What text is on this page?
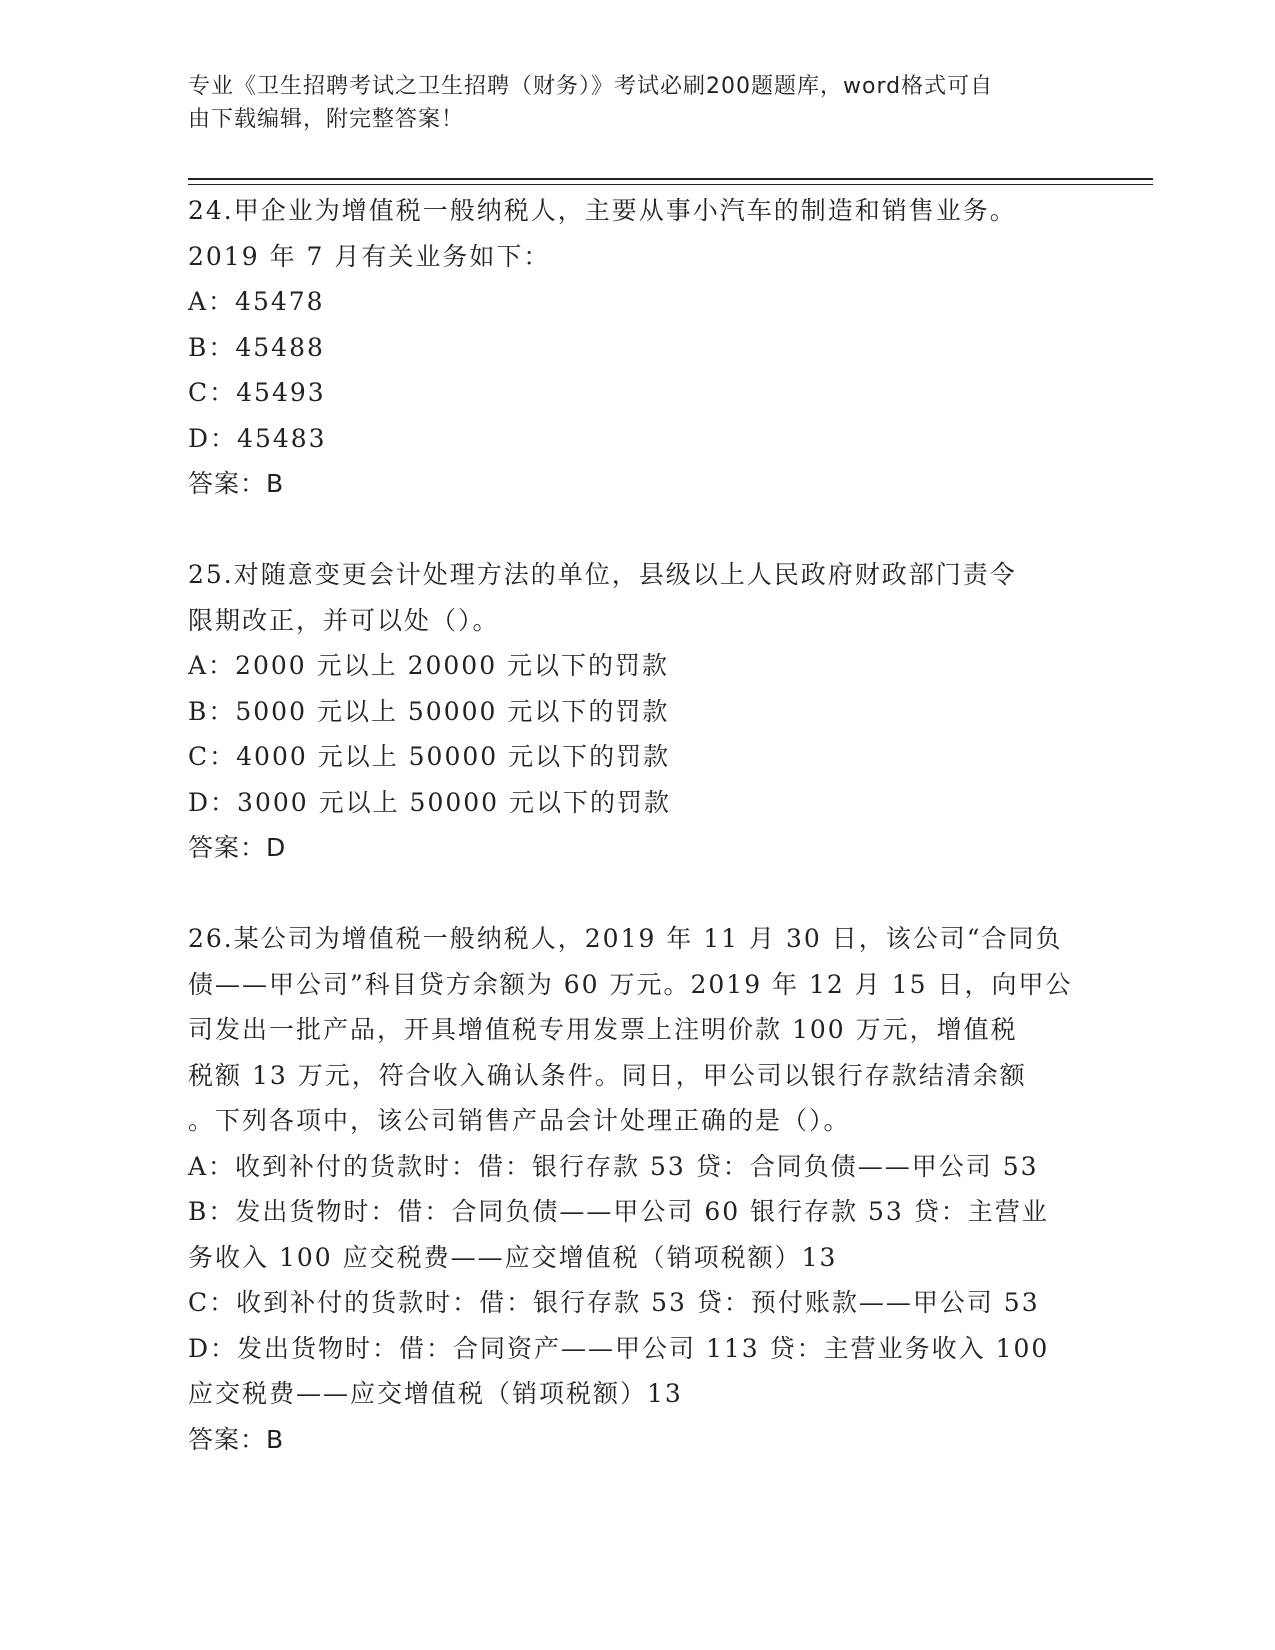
专业《卫生招聘考试之卫生招聘（财务）》考试必刷200题题库，word格式可自
由下载编辑，附完整答案！
24.甲企业为增值税一般纳税人，主要从事小汽车的制造和销售业务。
2019 年 7 月有关业务如下：
A：45478
B：45488
C：45493
D：45483
答案：B
25.对随意变更会计处理方法的单位，县级以上人民政府财政部门责令
限期改正，并可以处（）。
A：2000 元以上 20000 元以下的罚款
B：5000 元以上 50000 元以下的罚款
C：4000 元以上 50000 元以下的罚款
D：3000 元以上 50000 元以下的罚款
答案：D
26.某公司为增值税一般纳税人，2019 年 11 月 30 日，该公司“合同负
债——甲公司”科目贷方余额为 60 万元。2019 年 12 月 15 日，向甲公
司发出一批产品，开具增值税专用发票上注明价款 100 万元，增值税
税额 13 万元，符合收入确认条件。同日，甲公司以银行存款结清余额
。下列各项中，该公司销售产品会计处理正确的是（）。
A：收到补付的货款时：借：银行存款 53 贷：合同负债——甲公司 53
B：发出货物时：借：合同负债——甲公司 60 银行存款 53 贷：主营业
务收入 100 应交税费——应交增值税（销项税额）13
C：收到补付的货款时：借：银行存款 53 贷：预付账款——甲公司 53
D：发出货物时：借：合同资产——甲公司 113 贷：主营业务收入 100
应交税费——应交增值税（销项税额）13
答案：B
